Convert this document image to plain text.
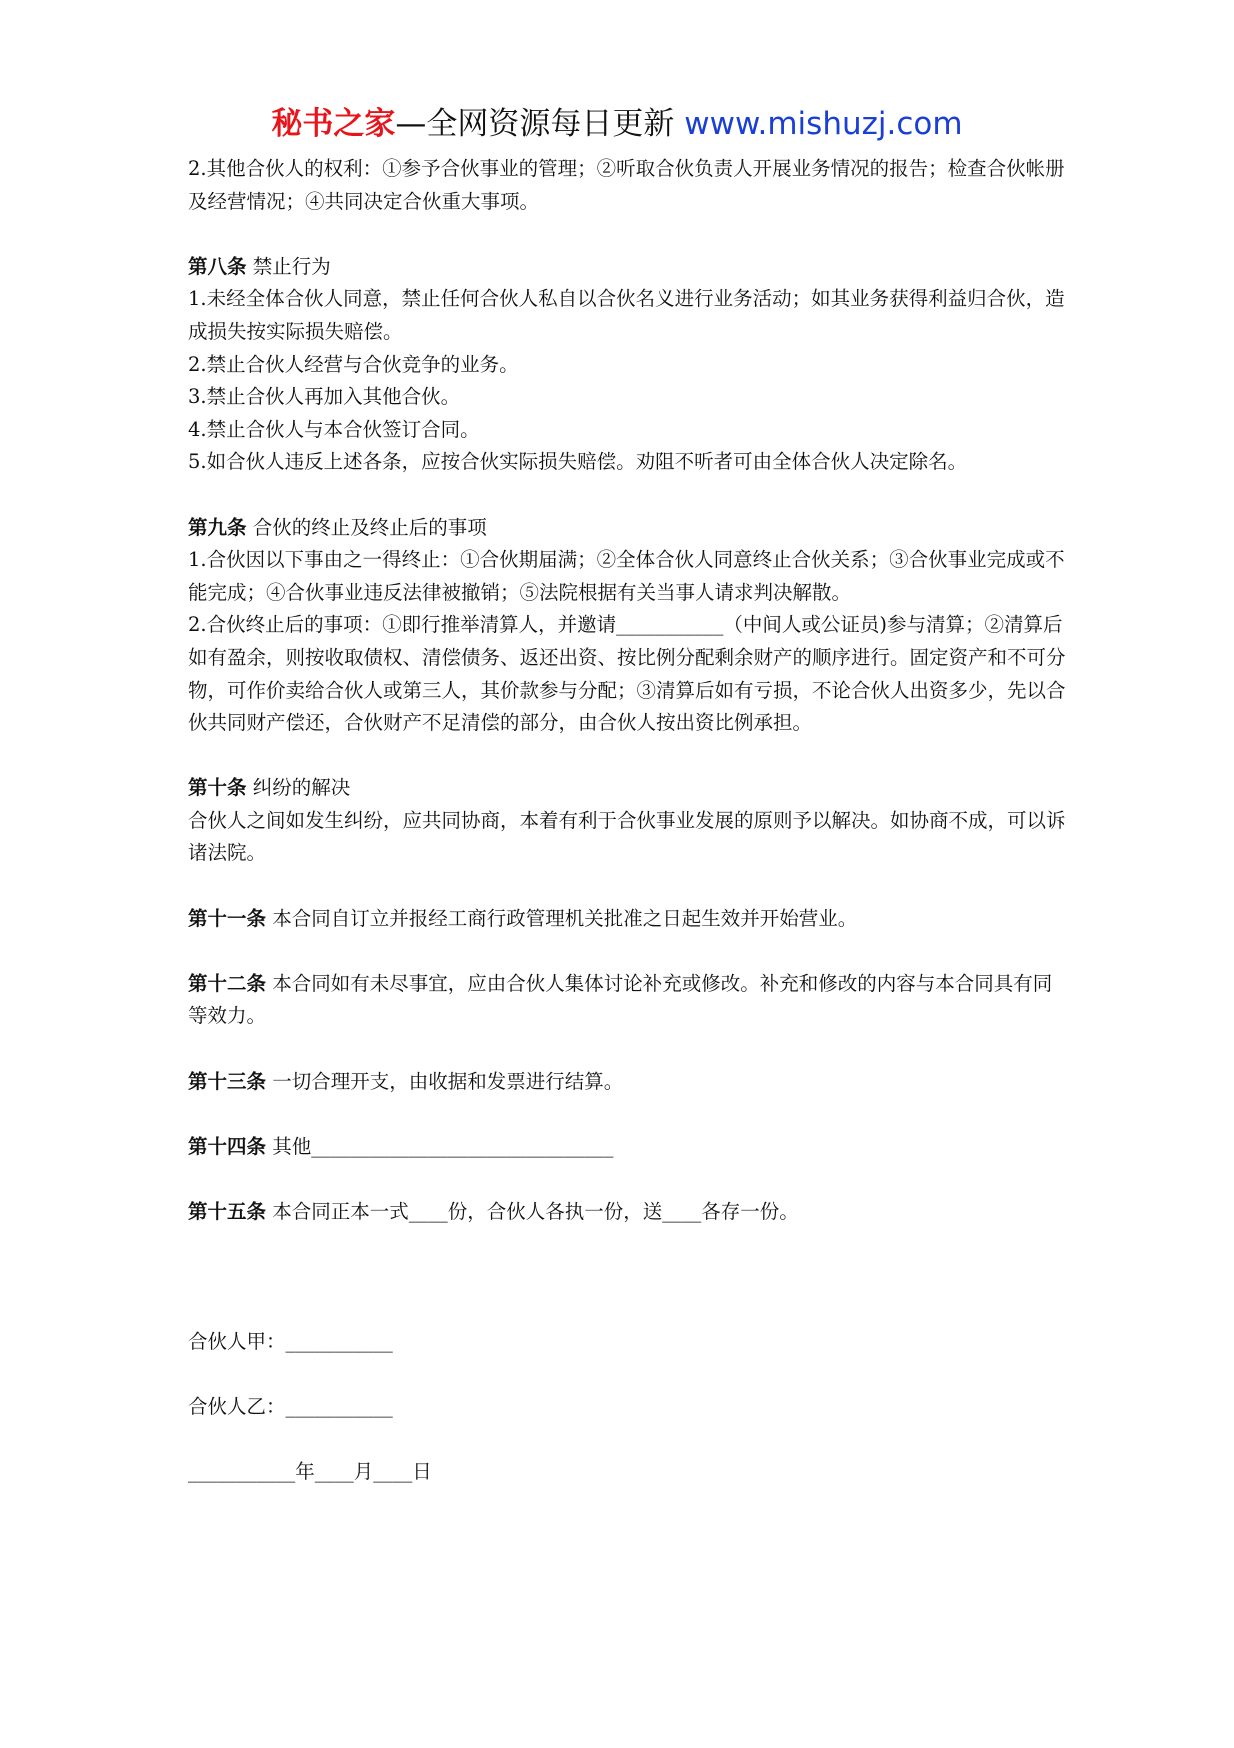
秘书之家—全网资源每日更新 www.mishuzj.com

2.其他合伙人的权利：①参予合伙事业的管理；②听取合伙负责人开展业务情况的报告；检查合伙帐册及经营情况；④共同决定合伙重大事项。

第八条 禁止行为

1.未经全体合伙人同意，禁止任何合伙人私自以合伙名义进行业务活动；如其业务获得利益归合伙，造成损失按实际损失赔偿。

2.禁止合伙人经营与合伙竞争的业务。

3.禁止合伙人再加入其他合伙。

4.禁止合伙人与本合伙签订合同。

5.如合伙人违反上述各条，应按合伙实际损失赔偿。劝阻不听者可由全体合伙人决定除名。

第九条 合伙的终止及终止后的事项

1.合伙因以下事由之一得终止：①合伙期届满；②全体合伙人同意终止合伙关系；③合伙事业完成或不能完成；④合伙事业违反法律被撤销；⑤法院根据有关当事人请求判决解散。

2.合伙终止后的事项：①即行推举清算人，并邀请___________（中间人或公证员)参与清算；②清算后如有盈余，则按收取债权、清偿债务、返还出资、按比例分配剩余财产的顺序进行。固定资产和不可分物，可作价卖给合伙人或第三人，其价款参与分配；③清算后如有亏损，不论合伙人出资多少，先以合伙共同财产偿还，合伙财产不足清偿的部分，由合伙人按出资比例承担。

第十条 纠纷的解决

合伙人之间如发生纠纷，应共同协商，本着有利于合伙事业发展的原则予以解决。如协商不成，可以诉诸法院。

第十一条 本合同自订立并报经工商行政管理机关批准之日起生效并开始营业。

第十二条 本合同如有未尽事宜，应由合伙人集体讨论补充或修改。补充和修改的内容与本合同具有同等效力。

第十三条 一切合理开支，由收据和发票进行结算。

第十四条 其他_______________________________

第十五条 本合同正本一式____份，合伙人各执一份，送____各存一份。

合伙人甲：___________

合伙人乙：___________

___________年____月____日
